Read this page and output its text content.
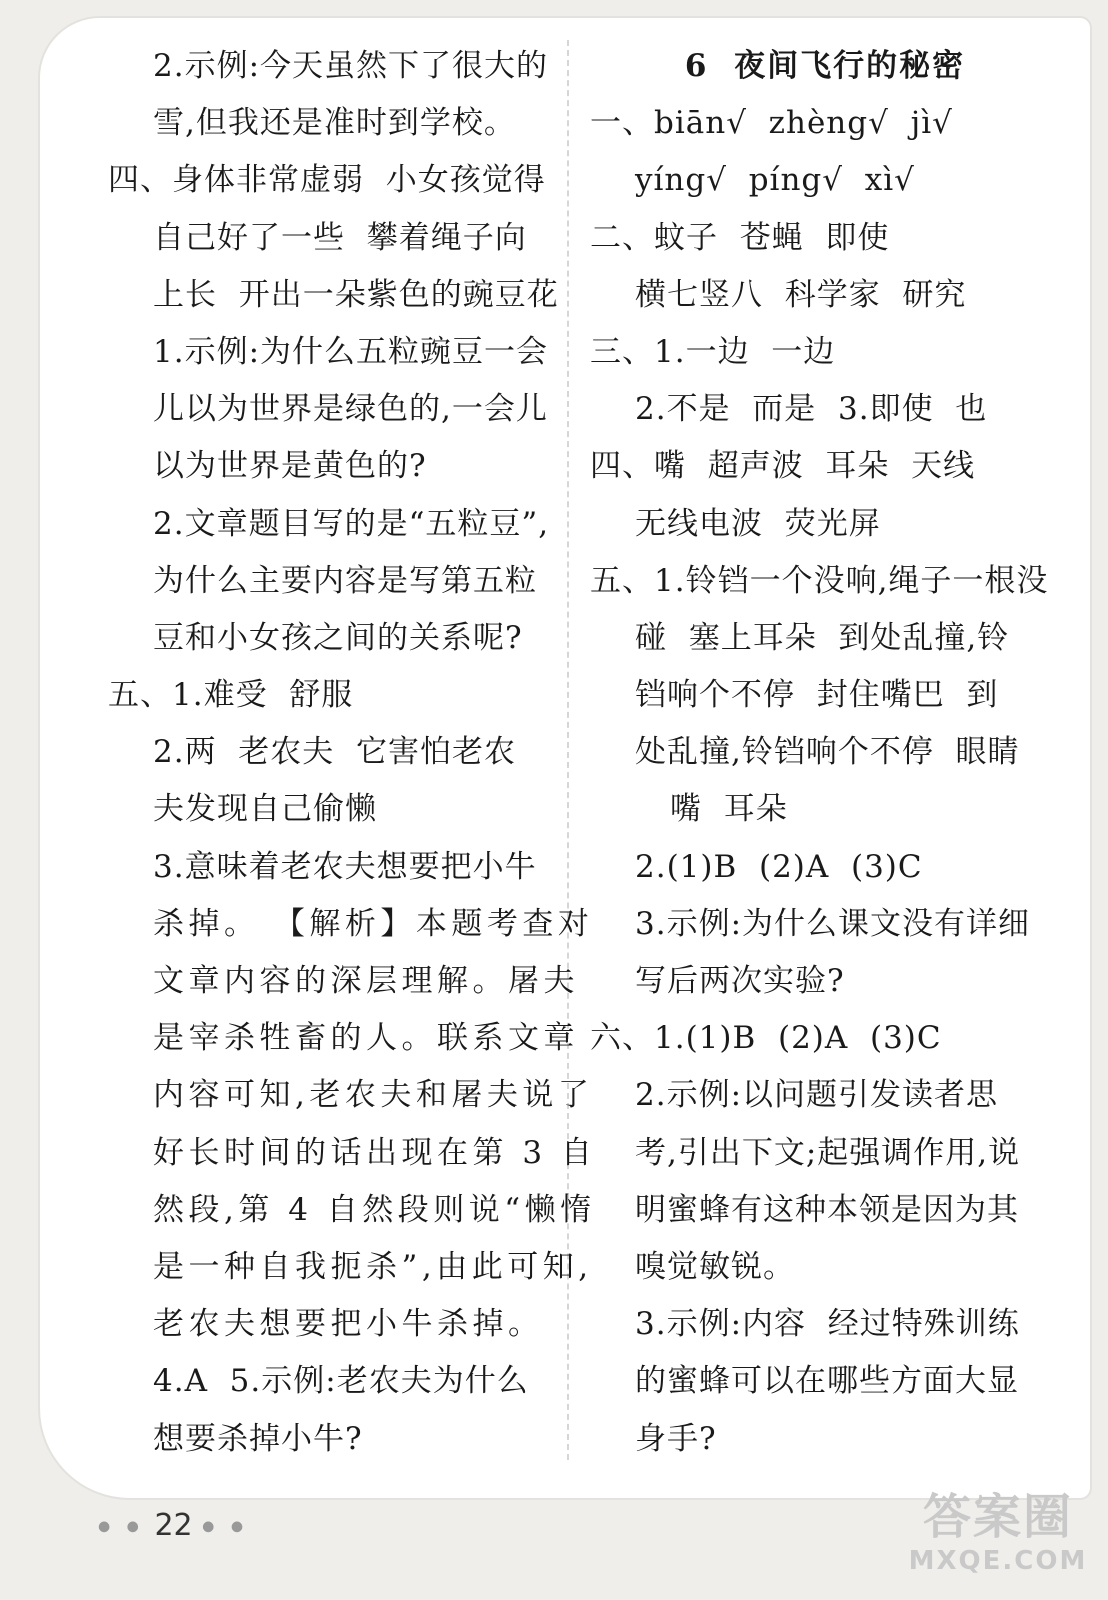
2.示例:今天虽然下了很大的
雪,但我还是准时到学校。
四、身体非常虚弱  小女孩觉得
自己好了一些  攀着绳子向
上长  开出一朵紫色的豌豆花
1.示例:为什么五粒豌豆一会
儿以为世界是绿色的,一会儿
以为世界是黄色的?
2.文章题目写的是“五粒豆”,
为什么主要内容是写第五粒
豆和小女孩之间的关系呢?
五、1.难受  舒服
2.两  老农夫  它害怕老农
夫发现自己偷懒
3.意味着老农夫想要把小牛
杀掉。 【解析】本题考查对
文章内容的深层理解。屠夫
是宰杀牲畜的人。联系文章
内容可知,老农夫和屠夫说了
好长时间的话出现在第 3 自
然段,第 4 自然段则说“懒惰
是一种自我扼杀”,由此可知,
老农夫想要把小牛杀掉。
4.A  5.示例:老农夫为什么
想要杀掉小牛?
6  夜间飞行的秘密
一、biān√  zhèng√  jì√
yíng√  píng√  xì√
二、蚊子  苍蝇  即使
横七竖八  科学家  研究
三、1.一边  一边
2.不是  而是  3.即使  也
四、嘴  超声波  耳朵  天线
无线电波  荧光屏
五、1.铃铛一个没响,绳子一根没
碰  塞上耳朵  到处乱撞,铃
铛响个不停  封住嘴巴  到
处乱撞,铃铛响个不停  眼睛
嘴  耳朵
2.(1)B  (2)A  (3)C
3.示例:为什么课文没有详细
写后两次实验?
六、1.(1)B  (2)A  (3)C
2.示例:以问题引发读者思
考,引出下文;起强调作用,说
明蜜蜂有这种本领是因为其
嗅觉敏锐。
3.示例:内容  经过特殊训练
的蜜蜂可以在哪些方面大显
身手?
● ● 22 ● ●	答案圈
MXQE.COM
